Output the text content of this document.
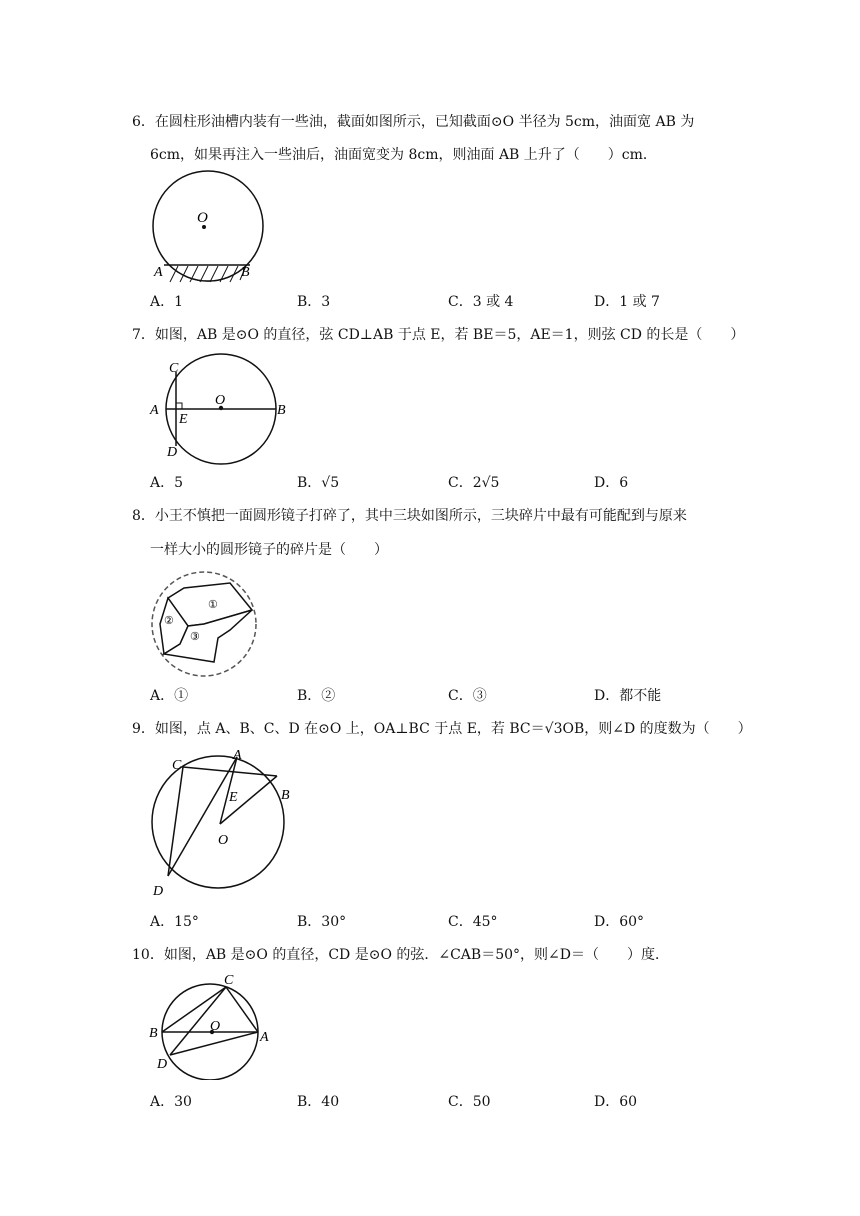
6．在圆柱形油槽内装有一些油，截面如图所示，已知截面⊙O 半径为 5cm，油面宽 AB 为
6cm，如果再注入一些油后，油面宽变为 8cm，则油面 AB 上升了（　　）cm．
O
A	B
A．1	B．3	C．3 或 4	D．1 或 7
7．如图，AB 是⊙O 的直径，弦 CD⊥AB 于点 E，若 BE＝5，AE＝1，则弦 CD 的长是（　　）
C
A
E
O
B
D
A．5	B．√5	C．2√5	D．6
8．小王不慎把一面圆形镜子打碎了，其中三块如图所示，三块碎片中最有可能配到与原来
一样大小的圆形镜子的碎片是（　　）
①
②
③
A．①	B．②	C．③	D．都不能
9．如图，点 A、B、C、D 在⊙O 上，OA⊥BC 于点 E，若 BC＝√3OB，则∠D 的度数为（　　）
C
A
E	B
O
D
A．15°	B．30°	C．45°	D．60°
10．如图，AB 是⊙O 的直径，CD 是⊙O 的弦．∠CAB＝50°，则∠D＝（　　）度．
C
B	O
A
D
A．30	B．40	C．50	D．60
